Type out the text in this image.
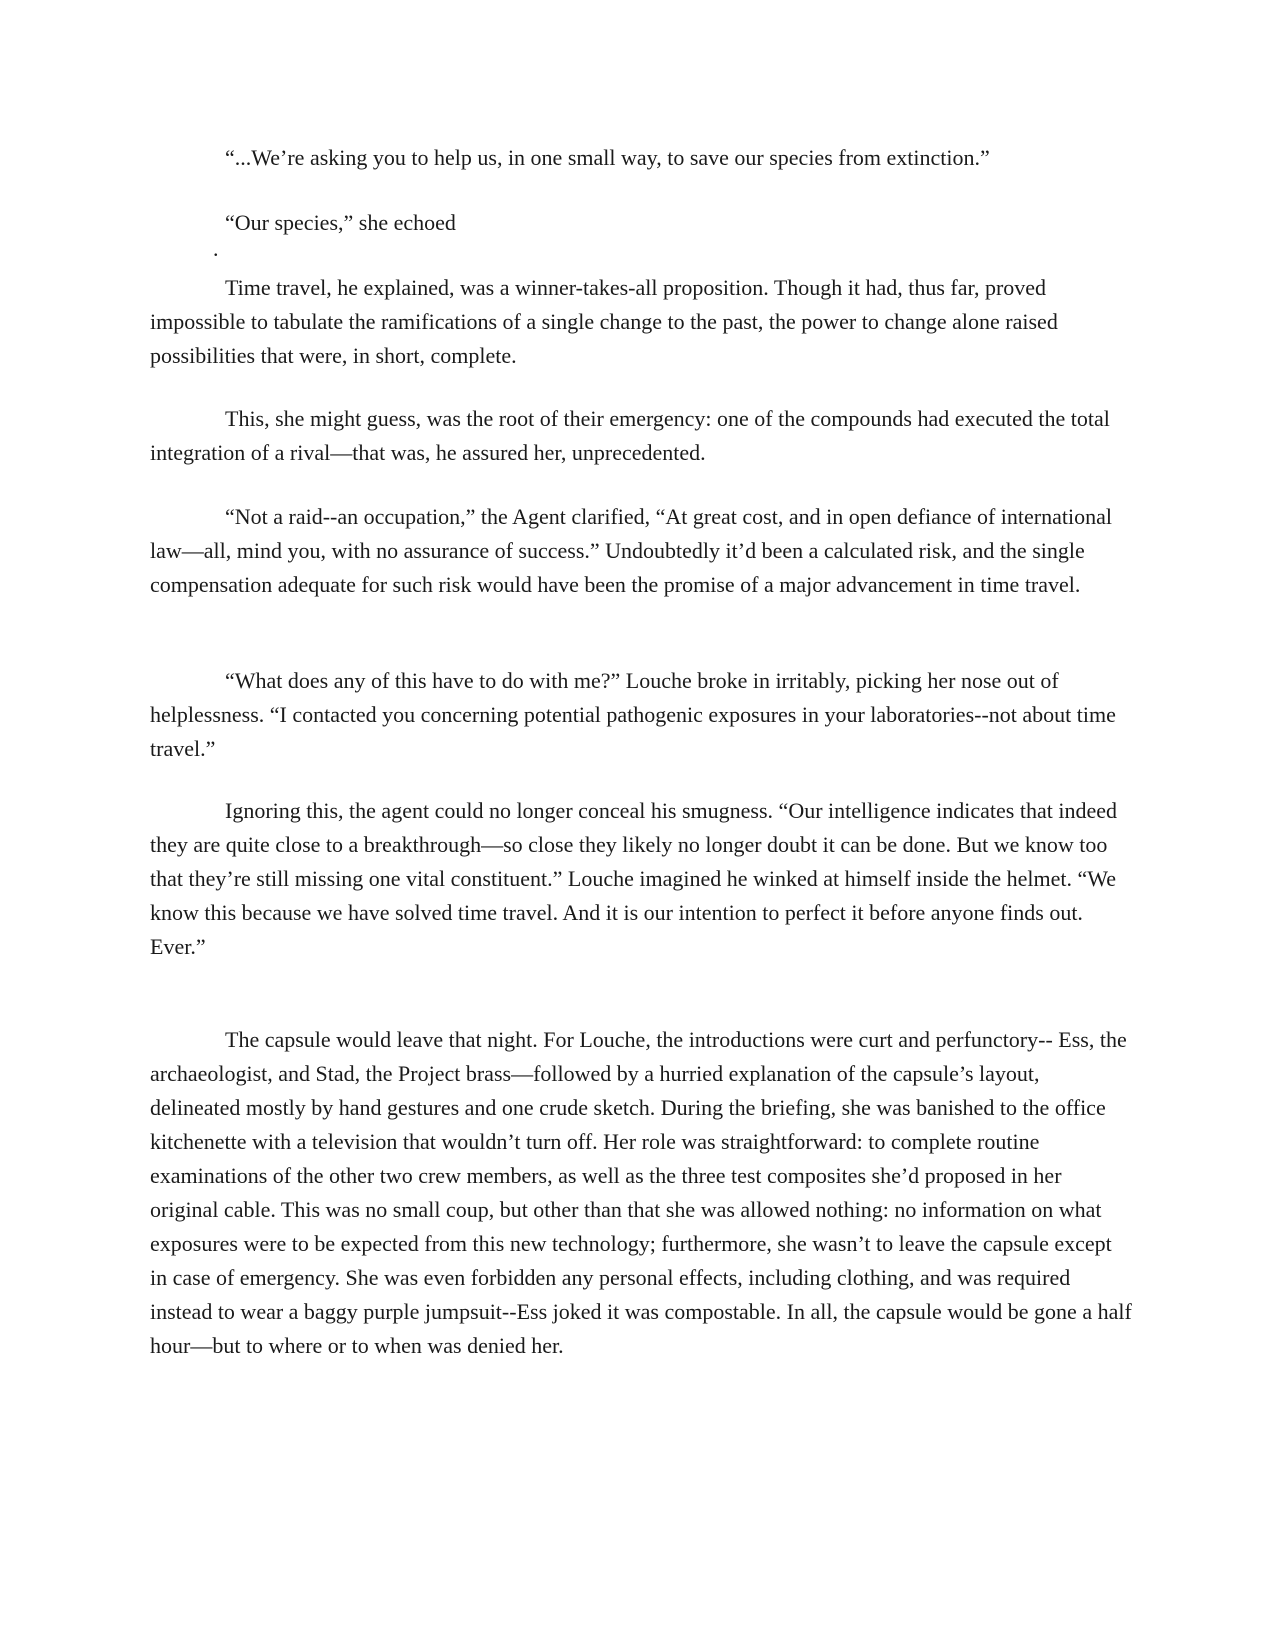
“...We’re asking you to help us, in one small way, to save our species from extinction.”

“Our species,” she echoed

.

Time travel, he explained, was a winner-takes-all proposition. Though it had, thus far, proved impossible to tabulate the ramifications of a single change to the past, the power to change alone raised possibilities that were, in short, complete.

This, she might guess, was the root of their emergency: one of the compounds had executed the total integration of a rival—that was, he assured her, unprecedented.

“Not a raid--an occupation,” the Agent clarified, “At great cost, and in open defiance of international law—all, mind you, with no assurance of success.” Undoubtedly it’d been a calculated risk, and the single compensation adequate for such risk would have been the promise of a major advancement in time travel.

“What does any of this have to do with me?” Louche broke in irritably, picking her nose out of helplessness. “I contacted you concerning potential pathogenic exposures in your laboratories--not about time travel.”

Ignoring this, the agent could no longer conceal his smugness. “Our intelligence indicates that indeed they are quite close to a breakthrough—so close they likely no longer doubt it can be done. But we know too that they’re still missing one vital constituent.” Louche imagined he winked at himself inside the helmet. “We know this because we have solved time travel. And it is our intention to perfect it before anyone finds out. Ever.”

The capsule would leave that night. For Louche, the introductions were curt and perfunctory-- Ess, the archaeologist, and Stad, the Project brass—followed by a hurried explanation of the capsule’s layout, delineated mostly by hand gestures and one crude sketch. During the briefing, she was banished to the office kitchenette with a television that wouldn’t turn off. Her role was straightforward: to complete routine examinations of the other two crew members, as well as the three test composites she’d proposed in her original cable. This was no small coup, but other than that she was allowed nothing: no information on what exposures were to be expected from this new technology; furthermore, she wasn’t to leave the capsule except in case of emergency. She was even forbidden any personal effects, including clothing, and was required instead to wear a baggy purple jumpsuit--Ess joked it was compostable. In all, the capsule would be gone a half hour—but to where or to when was denied her.
